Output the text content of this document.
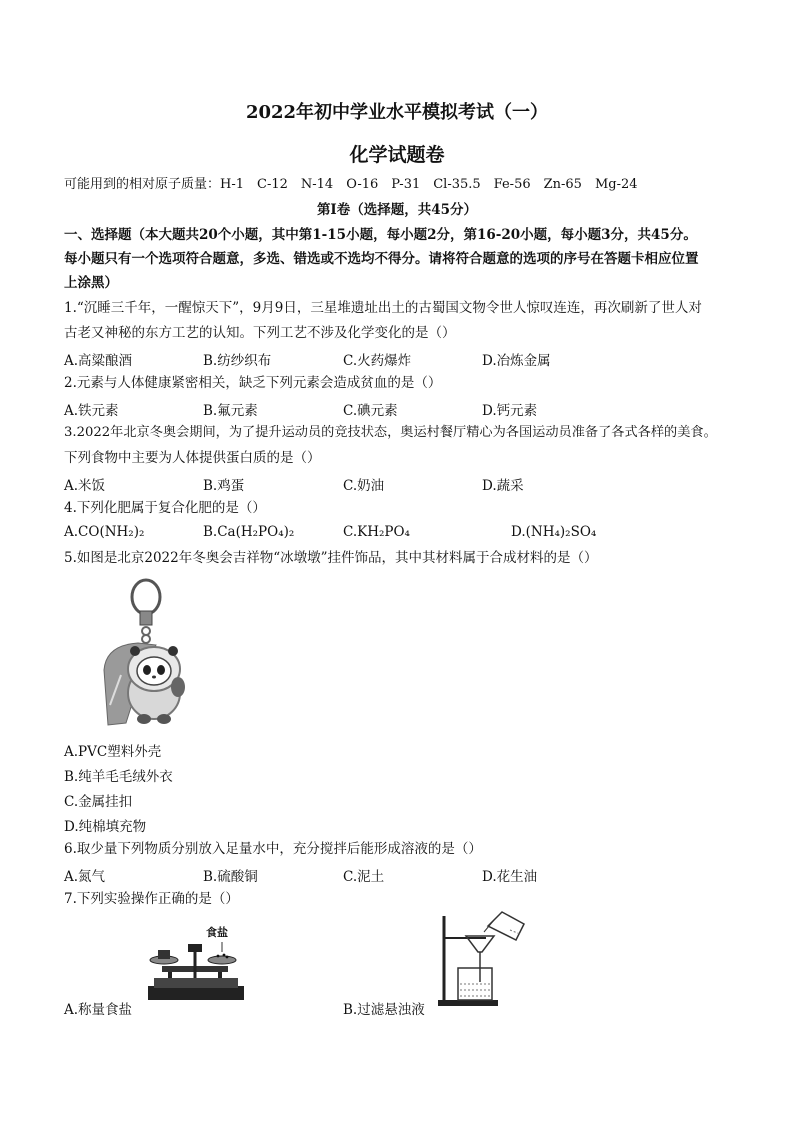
2022年初中学业水平模拟考试（一）
化学试题卷
可能用到的相对原子质量：H-1　C-12　N-14　O-16　P-31　Cl-35.5　Fe-56　Zn-65　Mg-24
第Ⅰ卷（选择题，共45分）
一、选择题（本大题共20个小题，其中第1-15小题，每小题2分，第16-20小题，每小题3分，共45分。
每小题只有一个选项符合题意，多选、错选或不选均不得分。请将符合题意的选项的序号在答题卡相应位置
上涂黑）
1.“沉睡三千年，一醒惊天下”，9月9日，三星堆遗址出土的古蜀国文物令世人惊叹连连，再次刷新了世人对
古老又神秘的东方工艺的认知。下列工艺不涉及化学变化的是（）
A.高粱酿酒	B.纺纱织布	C.火药爆炸	D.冶炼金属
2.元素与人体健康紧密相关，缺乏下列元素会造成贫血的是（）
A.铁元素	B.氟元素	C.碘元素	D.钙元素
3.2022年北京冬奥会期间，为了提升运动员的竞技状态，奥运村餐厅精心为各国运动员准备了各式各样的美食。
下列食物中主要为人体提供蛋白质的是（）
A.米饭	B.鸡蛋	C.奶油	D.蔬采
4.下列化肥属于复合化肥的是（）
A.CO(NH₂)₂	B.Ca(H₂PO₄)₂	C.KH₂PO₄	D.(NH₄)₂SO₄
5.如图是北京2022年冬奥会吉祥物“冰墩墩”挂件饰品，其中其材料属于合成材料的是（）
A.PVC塑料外壳
B.纯羊毛毛绒外衣
C.金属挂扣
D.纯棉填充物
6.取少量下列物质分别放入足量水中，充分搅拌后能形成溶液的是（）
A.氮气	B.硫酸铜	C.泥土	D.花生油
7.下列实验操作正确的是（）
食盐
A.称量食盐	B.过滤悬浊液
